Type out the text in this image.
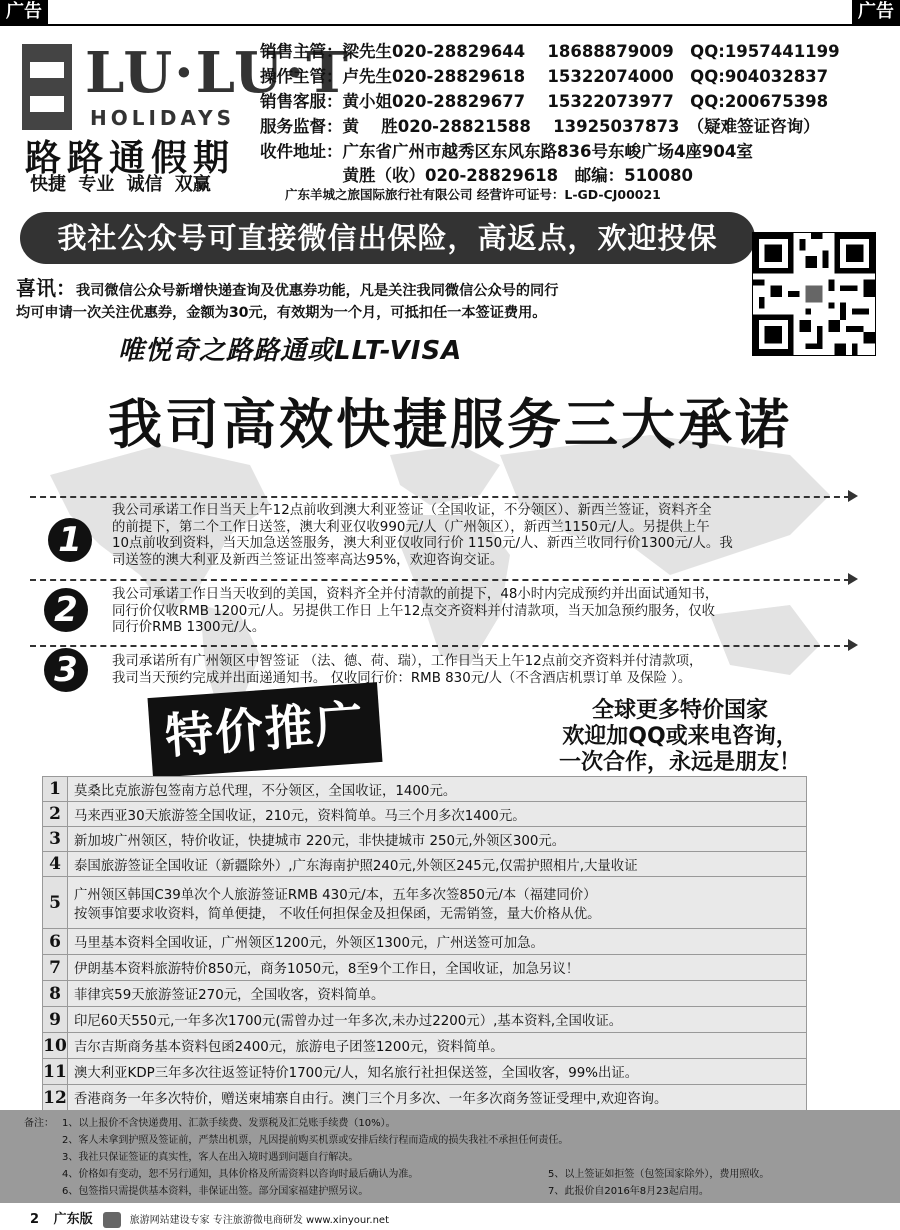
广告	广告
LU·LU·T
HOLIDAYS
路路通假期
快捷 专业 诚信 双赢
销售主管：梁先生020-28829644　 18688879009　QQ:1957441199
操作主管：卢先生020-28829618　 15322074000　QQ:904032837
销售客服：黄小姐020-28829677　 15322073977　QQ:200675398
服务监督：黄　 胜020-28821588　 13925037873　（疑难签证咨询）
收件地址：广东省广州市越秀区东风东路836号东峻广场4座904室
　　　　　黄胜（收）020-28829618　邮编：510080
广东羊城之旅国际旅行社有限公司 经营许可证号：L-GD-CJ00021
我社公众号可直接微信出保险，高返点，欢迎投保
喜讯：我司微信公众号新增快递查询及优惠券功能，凡是关注我同微信公众号的同行
均可申请一次关注优惠券，金额为30元，有效期为一个月，可抵扣任一本签证费用。
唯悦奇之路路通或LLT-VISA
我司高效快捷服务三大承诺
1
我公司承诺工作日当天上午12点前收到澳大利亚签证（全国收证，不分领区）、新西兰签证，资料齐全
的前提下，第二个工作日送签，澳大利亚仅收990元/人（广州领区），新西兰1150元/人。另提供上午
10点前收到资料，当天加急送签服务，澳大利亚仅收同行价 1150元/人、新西兰收同行价1300元/人。我
司送签的澳大利亚及新西兰签证出签率高达95%，欢迎咨询交证。
2	我公司承诺工作日当天收到的美国，资料齐全并付清款的前提下，48小时内完成预约并出面试通知书，
同行价仅收RMB 1200元/人。另提供工作日 上午12点交齐资料并付清款项，当天加急预约服务，仅收
同行价RMB 1300元/人。
3	我司承诺所有广州领区中智签证 （法、德、荷、瑞），工作日当天上午12点前交齐资料并付清款项，
我司当天预约完成并出面递通知书。 仅收同行价：RMB 830元/人（不含酒店机票订单 及保险 ）。
特价推广	全球更多特价国家
欢迎加QQ或来电咨询，
一次合作，永远是朋友！
1	莫桑比克旅游包签南方总代理，不分领区，全国收证，1400元。
2	马来西亚30天旅游签全国收证，210元，资料简单。马三个月多次1400元。
3	新加坡广州领区，特价收证，快捷城市 220元，非快捷城市 250元,外领区300元。
4	泰国旅游签证全国收证（新疆除外）,广东海南护照240元,外领区245元,仅需护照相片,大量收证
5	广州领区韩国C39单次个人旅游签证RMB 430元/本，五年多次签850元/本（福建同价）
按领事馆要求收资料，简单便捷， 不收任何担保金及担保函，无需销签，量大价格从优。

6	马里基本资料全国收证，广州领区1200元，外领区1300元，广州送签可加急。
7	伊朗基本资料旅游特价850元，商务1050元，8至9个工作日，全国收证，加急另议！
8	菲律宾59天旅游签证270元，全国收客，资料简单。
9	印尼60天550元,一年多次1700元(需曾办过一年多次,未办过2200元）,基本资料,全国收证。
10	吉尔吉斯商务基本资料包函2400元，旅游电子团签1200元，资料简单。
11	澳大利亚KDP三年多次往返签证特价1700元/人，知名旅行社担保送签，全国收客，99%出证。
12	香港商务一年多次特价，赠送柬埔寨自由行。澳门三个月多次、一年多次商务签证受理中,欢迎咨询。
备注： 1、以上报价不含快递费用、汇款手续费、发票税及汇兑账手续费（10%）。
2、客人未拿到护照及签证前，严禁出机票，凡因提前购买机票或安排后续行程而造成的损失我社不承担任何责任。
3、我社只保证签证的真实性，客人在出入境时遇到问题自行解决。
4、价格如有变动，恕不另行通知，具体价格及所需资料以咨询时最后确认为准。
6、包签指只需提供基本资料，非保证出签。部分国家福建护照另议。
5、以上签证如拒签（包签国家除外），费用照收。
7、此报价自2016年8月23起启用。
2 广东版	旅游网站建设专家 专注旅游微电商研发 www.xinyour.net
